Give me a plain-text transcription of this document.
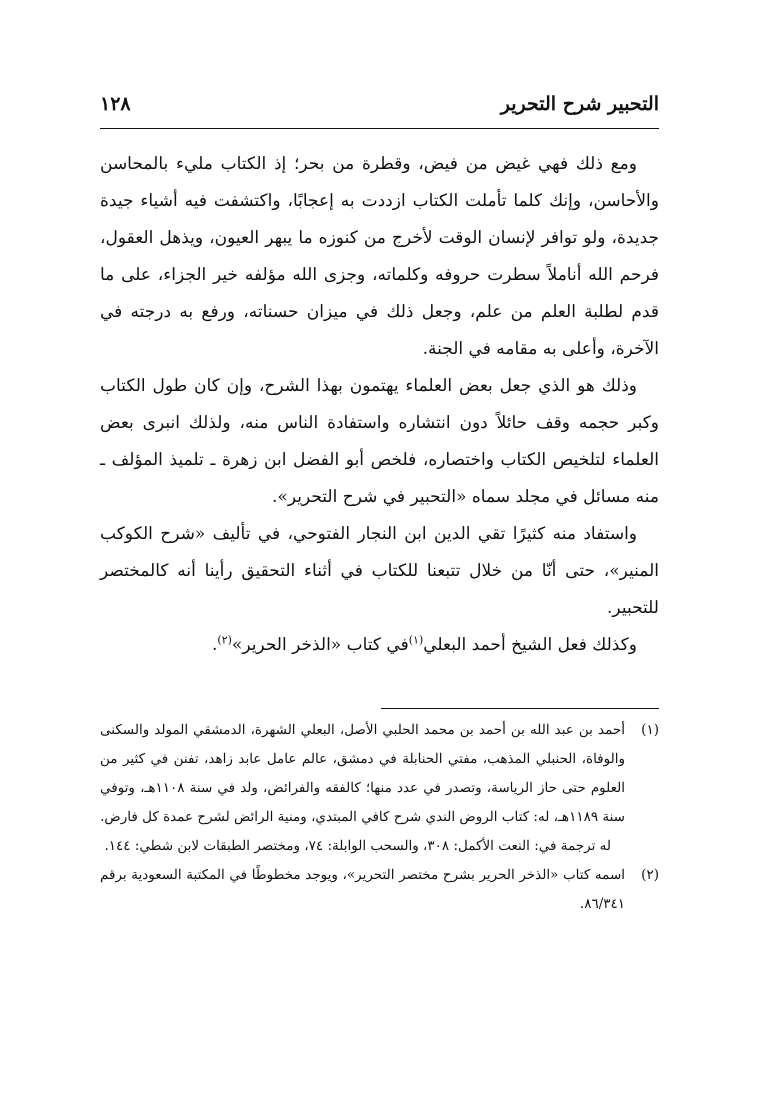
١٢٨	التحبير شرح التحرير

ومع ذلك فهي غيض من فيض، وقطرة من بحر؛ إذ الكتاب مليء بالمحاسن والأحاسن، وإنك كلما تأملت الكتاب ازددت به إعجابًا، واكتشفت فيه أشياء جيدة جديدة، ولو توافر لإنسان الوقت لأخرج من كنوزه ما يبهر العيون، ويذهل العقول، فرحم الله أناملاً سطرت حروفه وكلماته، وجزى الله مؤلفه خير الجزاء، على ما قدم لطلبة العلم من علم، وجعل ذلك في ميزان حسناته، ورفع به درجته في الآخرة، وأعلى به مقامه في الجنة.

وذلك هو الذي جعل بعض العلماء يهتمون بهذا الشرح، وإن كان طول الكتاب وكبر حجمه وقف حائلاً دون انتشاره واستفادة الناس منه، ولذلك انبرى بعض العلماء لتلخيص الكتاب واختصاره، فلخص أبو الفضل ابن زهرة ـ تلميذ المؤلف ـ منه مسائل في مجلد سماه «التحبير في شرح التحرير».

واستفاد منه كثيرًا تقي الدين ابن النجار الفتوحي، في تأليف «شرح الكوكب المنير»، حتى أنّا من خلال تتبعنا للكتاب في أثناء التحقيق رأينا أنه كالمختصر للتحبير.

وكذلك فعل الشيخ أحمد البعلي$^{(١)}$في كتاب «الذخر الحرير»$^{(٢)}$.

(١)

أحمد بن عبد الله بن أحمد بن محمد الحلبي الأصل، البعلي الشهرة، الدمشقي المولد والسكنى والوفاة، الحنبلي المذهب، مفتي الحنابلة في دمشق، عالم عامل عابد زاهد، تفنن في كثير من العلوم حتى حاز الرياسة، وتصدر في عدد منها؛ كالفقه والفرائض، ولد في سنة ١١٠٨هـ، وتوفي سنة ١١٨٩هـ، له: كتاب الروض الندي شرح كافي المبتدي، ومنية الرائض لشرح عمدة كل فارض.

له ترجمة في: النعت الأكمل: ٣٠٨، والسحب الوابلة: ٧٤، ومختصر الطبقات لابن شطي: ١٤٤.

(٢)

اسمه كتاب «الذخر الحرير بشرح مختصر التحرير»، ويوجد مخطوطًا في المكتبة السعودية برقم ٨٦/٣٤١.
